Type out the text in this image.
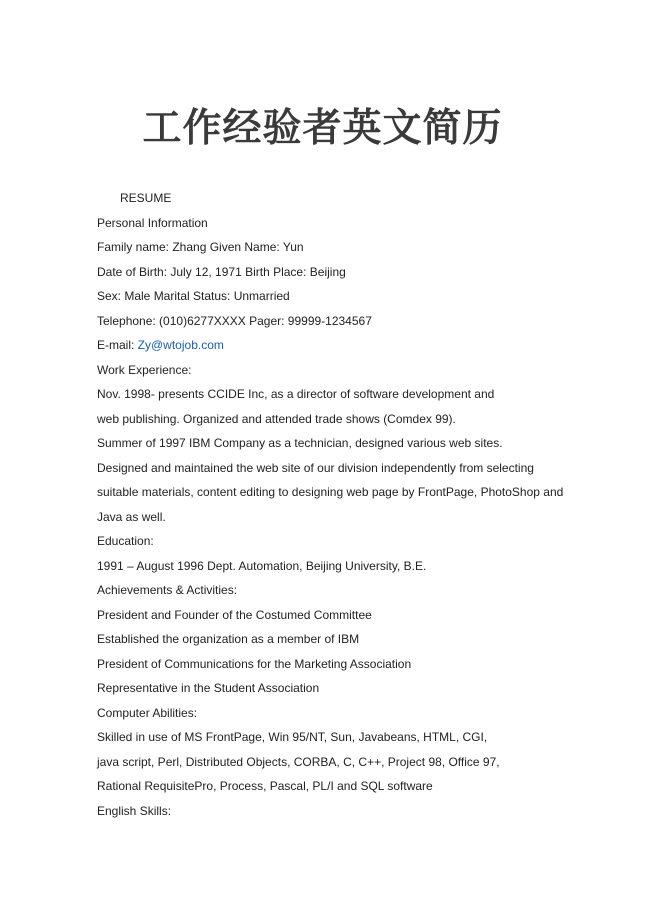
工作经验者英文简历
RESUME
Personal Information
Family name: Zhang Given Name: Yun
Date of Birth: July 12, 1971 Birth Place: Beijing
Sex: Male Marital Status: Unmarried
Telephone: (010)6277XXXX Pager: 99999-1234567
E-mail: Zy@wtojob.com
Work Experience:
Nov. 1998- presents CCIDE Inc, as a director of software development and
web publishing. Organized and attended trade shows (Comdex 99).
Summer of 1997 IBM Company as a technician, designed various web sites.
Designed and maintained the web site of our division independently from selecting
suitable materials, content editing to designing web page by FrontPage, PhotoShop and
Java as well.
Education:
1991 – August 1996 Dept. Automation, Beijing University, B.E.
Achievements & Activities:
President and Founder of the Costumed Committee
Established the organization as a member of IBM
President of Communications for the Marketing Association
Representative in the Student Association
Computer Abilities:
Skilled in use of MS FrontPage, Win 95/NT, Sun, Javabeans, HTML, CGI,
java script, Perl, Distributed Objects, CORBA, C, C++, Project 98, Office 97,
Rational RequisitePro, Process, Pascal, PL/I and SQL software
English Skills:
